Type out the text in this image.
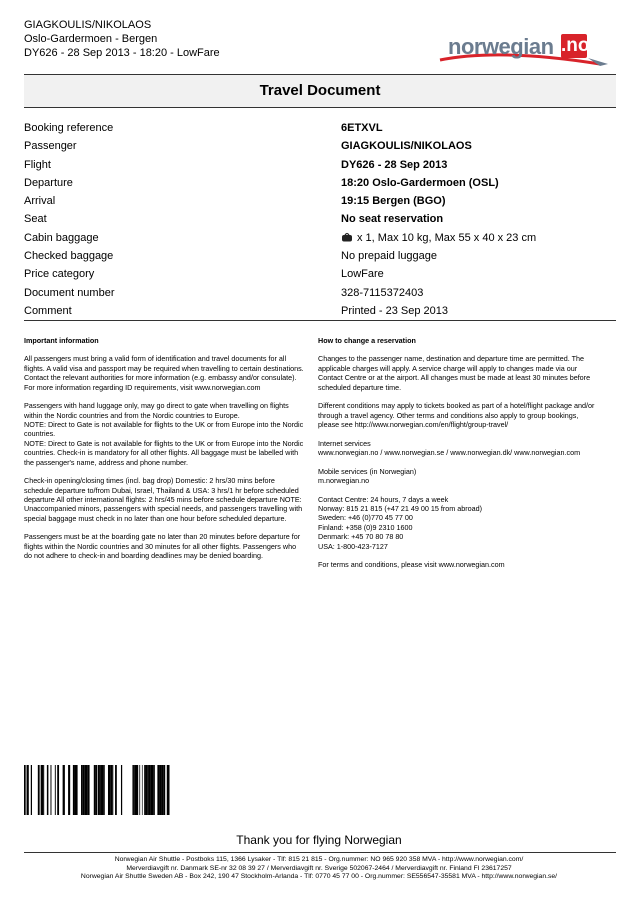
GIAGKOULIS/NIKOLAOS
Oslo-Gardermoen - Bergen
DY626 - 28 Sep 2013 - 18:20 - LowFare	norwegian .no
Travel Document
Booking reference	6ETXVL
Passenger	GIAGKOULIS/NIKOLAOS
Flight	DY626 - 28 Sep 2013
Departure	18:20 Oslo-Gardermoen (OSL)
Arrival	19:15 Bergen (BGO)
Seat	No seat reservation
Cabin baggage	x 1, Max 10 kg, Max 55 x 40 x 23 cm
Checked baggage	No prepaid luggage
Price category	LowFare
Document number	328-7115372403
Comment	Printed - 23 Sep 2013
Important information

All passengers must bring a valid form of identification and travel documents for all
flights. A valid visa and passport may be required when travelling to certain destinations.
Contact the relevant authorities for more information (e.g. embassy and/or consulate).
For more information regarding ID requirements, visit www.norwegian.com

Passengers with hand luggage only, may go direct to gate when travelling on flights
within the Nordic countries and from the Nordic countries to Europe.
NOTE: Direct to Gate is not available for flights to the UK or from Europe into the Nordic
countries.
NOTE: Direct to Gate is not available for flights to the UK or from Europe into the Nordic
countries. Check-in is mandatory for all other flights. All baggage must be labelled with
the passenger's name, address and phone number.

Check-in opening/closing times (incl. bag drop) Domestic: 2 hrs/30 mins before
schedule departure to/from Dubai, Israel, Thailand & USA: 3 hrs/1 hr before scheduled
departure All other international flights: 2 hrs/45 mins before schedule departure NOTE:
Unaccompanied minors, passengers with special needs, and passengers travelling with
special baggage must check in no later than one hour before scheduled departure.

Passengers must be at the boarding gate no later than 20 minutes before departure for
flights within the Nordic countries and 30 minutes for all other flights. Passengers who
do not adhere to check-in and boarding deadlines may be denied boarding.

How to change a reservation

Changes to the passenger name, destination and departure time are permitted. The
applicable charges will apply. A service charge will apply to changes made via our
Contact Centre or at the airport. All changes must be made at least 30 minutes before
scheduled departure time.

Different conditions may apply to tickets booked as part of a hotel/flight package and/or
through a travel agency. Other terms and conditions also apply to group bookings,
please see http://www.norwegian.com/en/flight/group-travel/

Internet services
www.norwegian.no / www.norwegian.se / www.norwegian.dk/ www.norwegian.com

Mobile services (in Norwegian)
m.norwegian.no

Contact Centre: 24 hours, 7 days a week
Norway: 815 21 815 (+47 21 49 00 15 from abroad)
Sweden: +46 (0)770 45 77 00
Finland: +358 (0)9 2310 1600
Denmark: +45 70 80 78 80
USA: 1-800-423-7127

For terms and conditions, please visit www.norwegian.com

Thank you for flying Norwegian
Norwegian Air Shuttle - Postboks 115, 1366 Lysaker - Tlf: 815 21 815 - Org.nummer: NO 965 920 358 MVA - http://www.norwegian.com/
Merverdiavgift nr. Danmark SE-nr 32 08 39 27 / Merverdiavgift nr. Sverige 502067-2464 / Merverdiavgift nr. Finland FI 23617257
Norwegian Air Shuttle Sweden AB - Box 242, 190 47 Stockholm-Arlanda - Tlf: 0770 45 77 00 - Org.nummer: SE556547-35581 MVA - http://www.norwegian.se/
